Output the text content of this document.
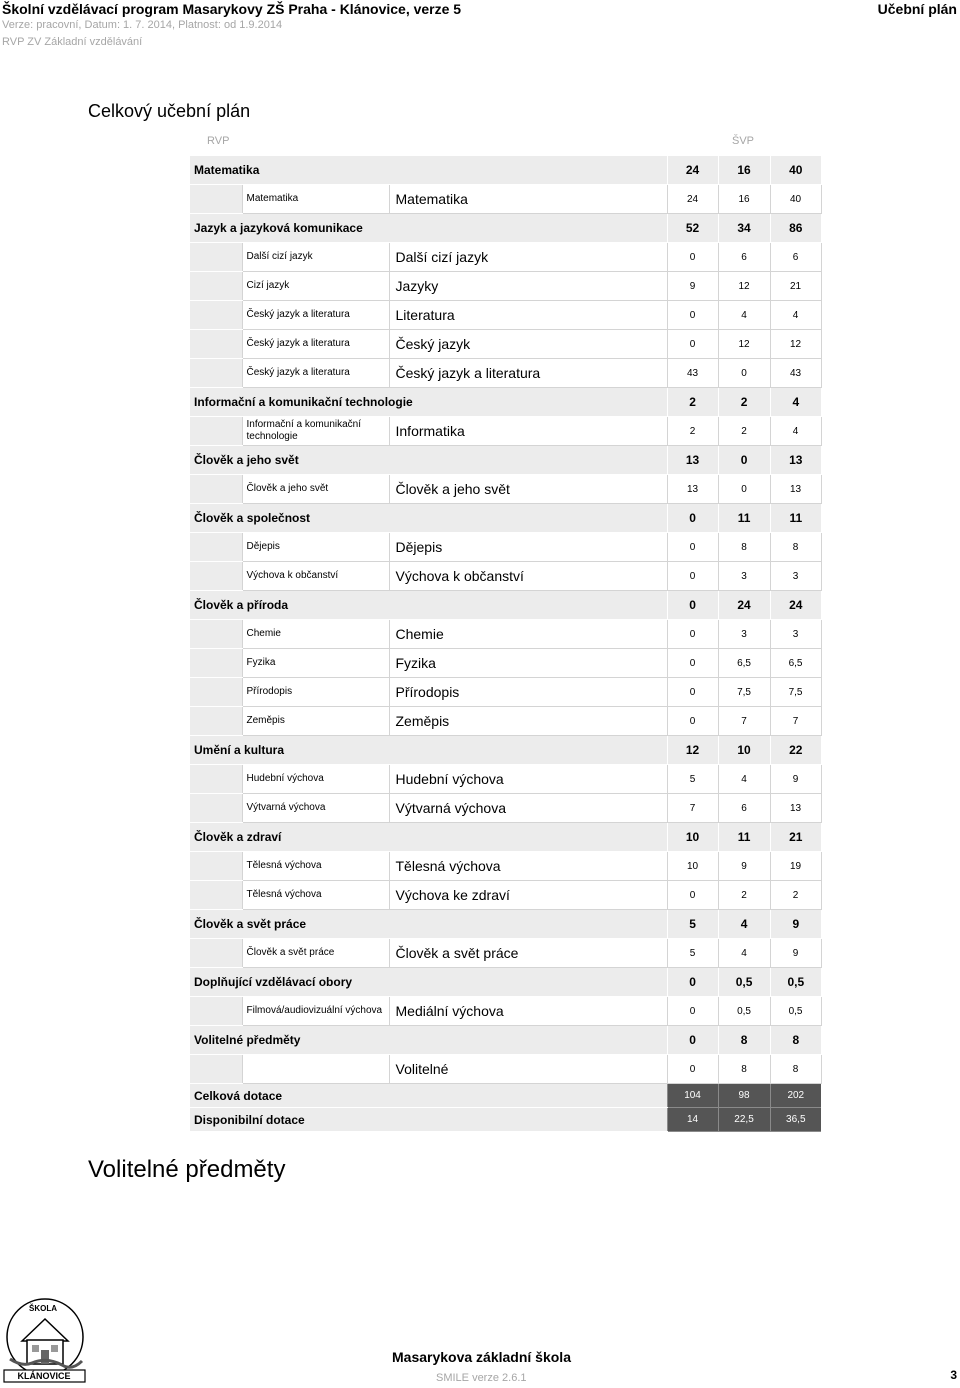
Školní vzdělávací program Masarykovy ZŠ Praha - Klánovice, verze 5	Učební plán
Verze: pracovní, Datum: 1. 7. 2014, Platnost: od 1.9.2014
RVP ZV Základní vzdělávání
Celkový učební plán
RVP	ŠVP
Matematika			24	16	40
	Matematika	Matematika	24	16	40
Jazyk a jazyková komunikace			52	34	86
	Další cizí jazyk	Další cizí jazyk	0	6	6
	Cizí jazyk	Jazyky	9	12	21
	Český jazyk a literatura	Literatura	0	4	4
	Český jazyk a literatura	Český jazyk	0	12	12
	Český jazyk a literatura	Český jazyk a literatura	43	0	43
Informační a komunikační technologie			2	2	4
	Informační a komunikační technologie	Informatika	2	2	4
Člověk a jeho svět			13	0	13
	Člověk a jeho svět	Člověk a jeho svět	13	0	13
Člověk a společnost			0	11	11
	Dějepis	Dějepis	0	8	8
	Výchova k občanství	Výchova k občanství	0	3	3
Člověk a příroda			0	24	24
	Chemie	Chemie	0	3	3
	Fyzika	Fyzika	0	6,5	6,5
	Přírodopis	Přírodopis	0	7,5	7,5
	Zeměpis	Zeměpis	0	7	7
Umění a kultura			12	10	22
	Hudební výchova	Hudební výchova	5	4	9
	Výtvarná výchova	Výtvarná výchova	7	6	13
Člověk a zdraví			10	11	21
	Tělesná výchova	Tělesná výchova	10	9	19
	Tělesná výchova	Výchova ke zdraví	0	2	2
Člověk a svět práce			5	4	9
	Člověk a svět práce	Člověk a svět práce	5	4	9
Doplňující vzdělávací obory			0	0,5	0,5
	Filmová/audiovizuální výchova	Mediální výchova	0	0,5	0,5
Volitelné předměty			0	8	8
		Volitelné	0	8	8
Celková dotace			104	98	202
Disponibilní dotace			14	22,5	36,5
Volitelné předměty
ŠKOLA
KLÁNOVICE
Masarykova základní škola
SMILE verze 2.6.1	3
